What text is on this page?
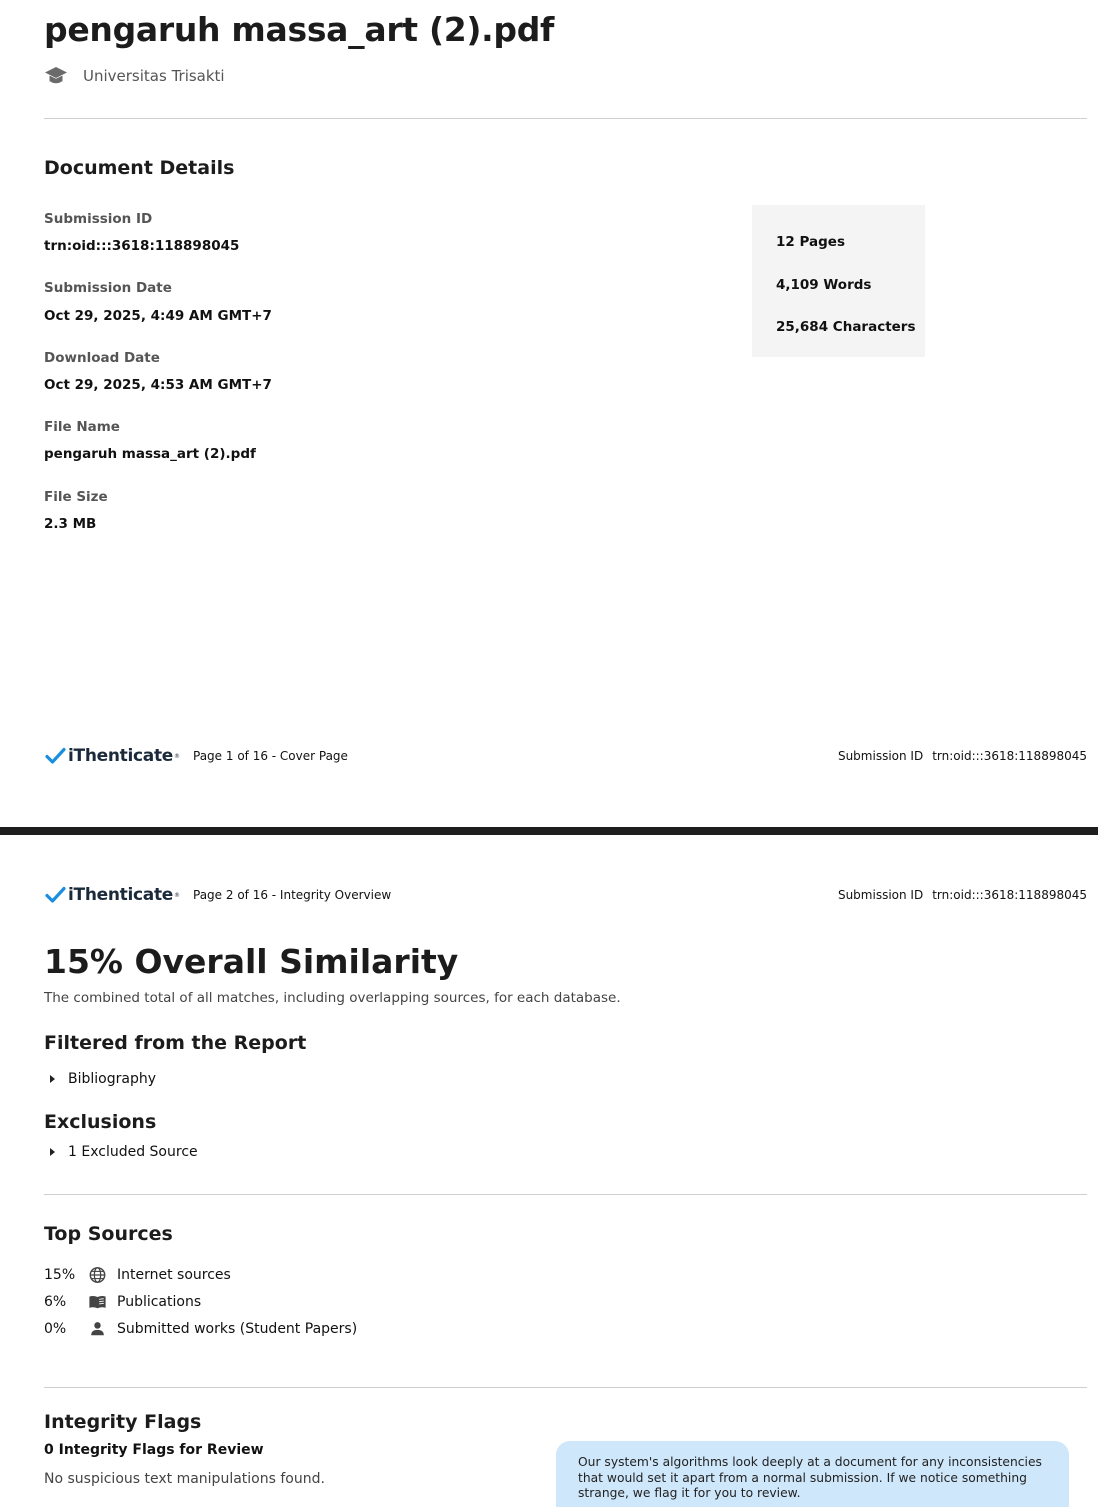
pengaruh massa_art (2).pdf
Universitas Trisakti
Document Details
Submission ID
trn:oid:::3618:118898045
Submission Date
Oct 29, 2025, 4:49 AM GMT+7
Download Date
Oct 29, 2025, 4:53 AM GMT+7
File Name
pengaruh massa_art (2).pdf
File Size
2.3 MB
12 Pages
4,109 Words
25,684 Characters
iThenticate ® Page 1 of 16 - Cover Page	Submission ID trn:oid:::3618:118898045
iThenticate ® Page 2 of 16 - Integrity Overview	Submission ID trn:oid:::3618:118898045
15% Overall Similarity
The combined total of all matches, including overlapping sources, for each database.
Filtered from the Report
Bibliography
Exclusions
1 Excluded Source
Top Sources
15%	Internet sources
6%	Publications
0%	Submitted works (Student Papers)
Integrity Flags
0 Integrity Flags for Review
No suspicious text manipulations found.
Our system's algorithms look deeply at a document for any inconsistencies that would set it apart from a normal submission. If we notice something strange, we flag it for you to review.
